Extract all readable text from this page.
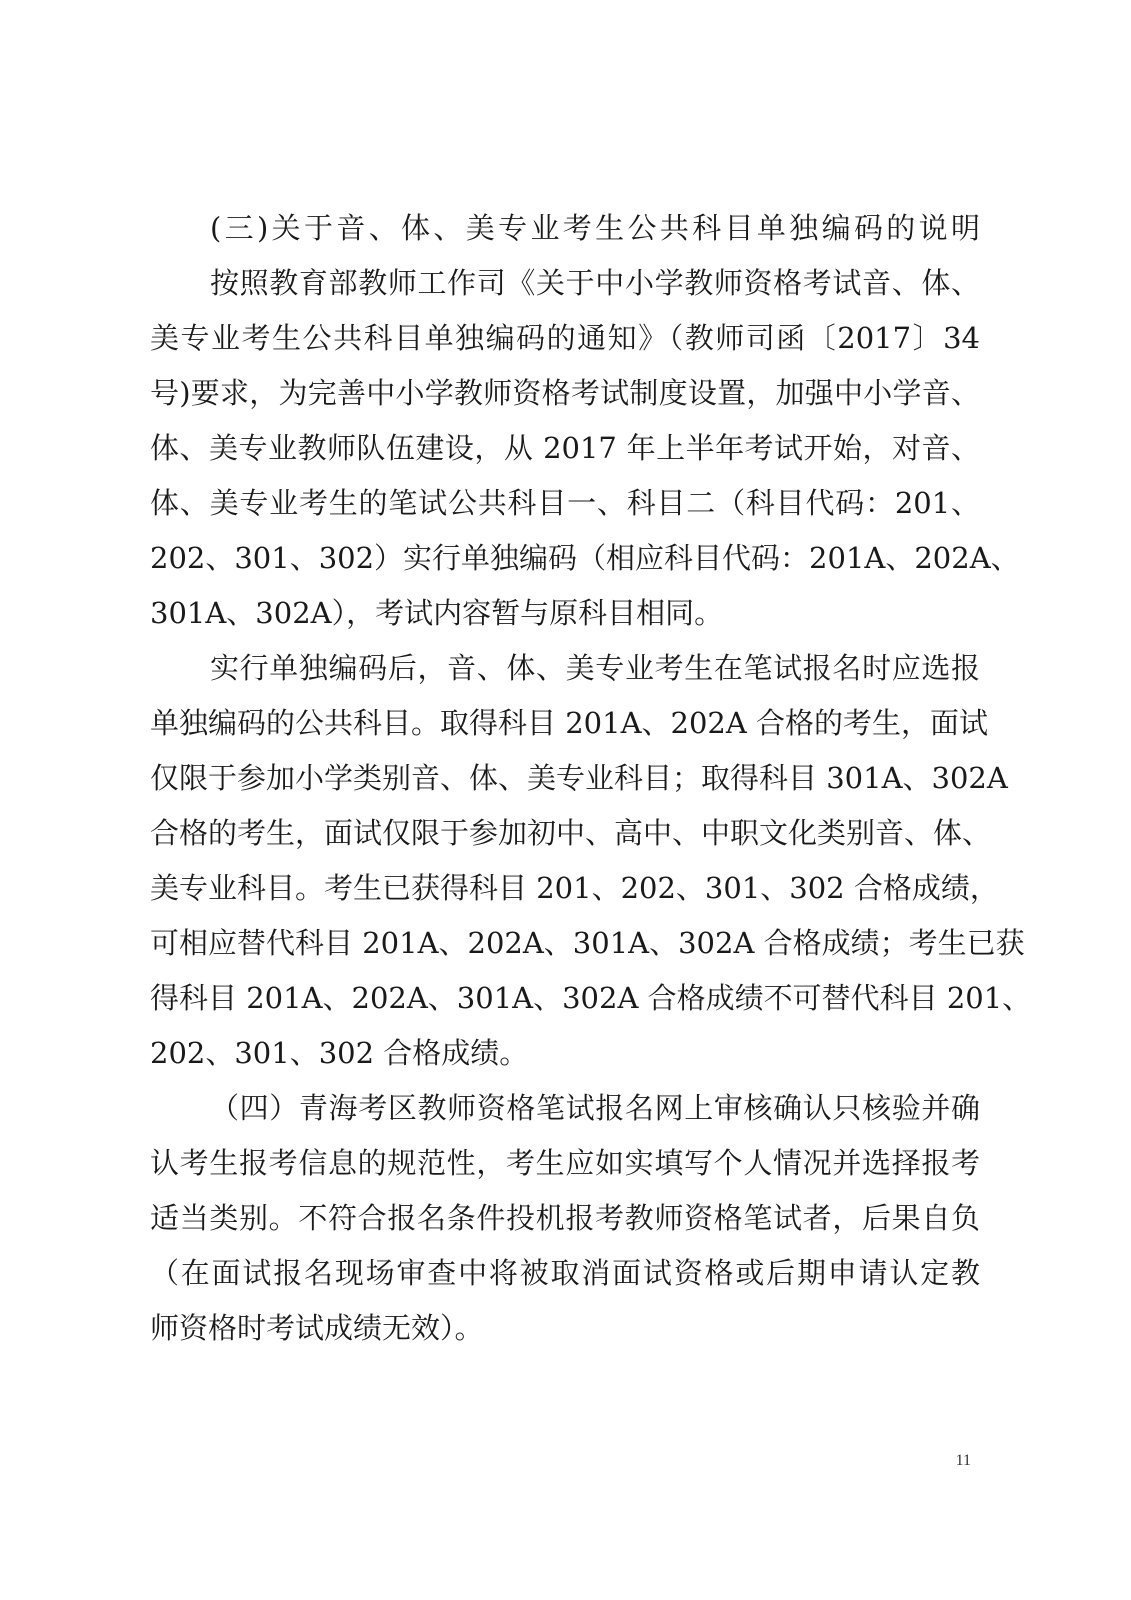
(三)关于音、体、美专业考生公共科目单独编码的说明
按照教育部教师工作司《关于中小学教师资格考试音、体、
美专业考生公共科目单独编码的通知》（教师司函〔2017〕34
号)要求，为完善中小学教师资格考试制度设置，加强中小学音、
体、美专业教师队伍建设，从 2017 年上半年考试开始，对音、
体、美专业考生的笔试公共科目一、科目二（科目代码：201、
202、301、302）实行单独编码（相应科目代码：201A、202A、
301A、302A），考试内容暂与原科目相同。
实行单独编码后，音、体、美专业考生在笔试报名时应选报
单独编码的公共科目。取得科目 201A、202A 合格的考生，面试
仅限于参加小学类别音、体、美专业科目；取得科目 301A、302A
合格的考生，面试仅限于参加初中、高中、中职文化类别音、体、
美专业科目。考生已获得科目 201、202、301、302 合格成绩，
可相应替代科目 201A、202A、301A、302A 合格成绩；考生已获
得科目 201A、202A、301A、302A 合格成绩不可替代科目 201、
202、301、302 合格成绩。
（四）青海考区教师资格笔试报名网上审核确认只核验并确
认考生报考信息的规范性，考生应如实填写个人情况并选择报考
适当类别。不符合报名条件投机报考教师资格笔试者，后果自负
（在面试报名现场审查中将被取消面试资格或后期申请认定教
师资格时考试成绩无效）。
11
